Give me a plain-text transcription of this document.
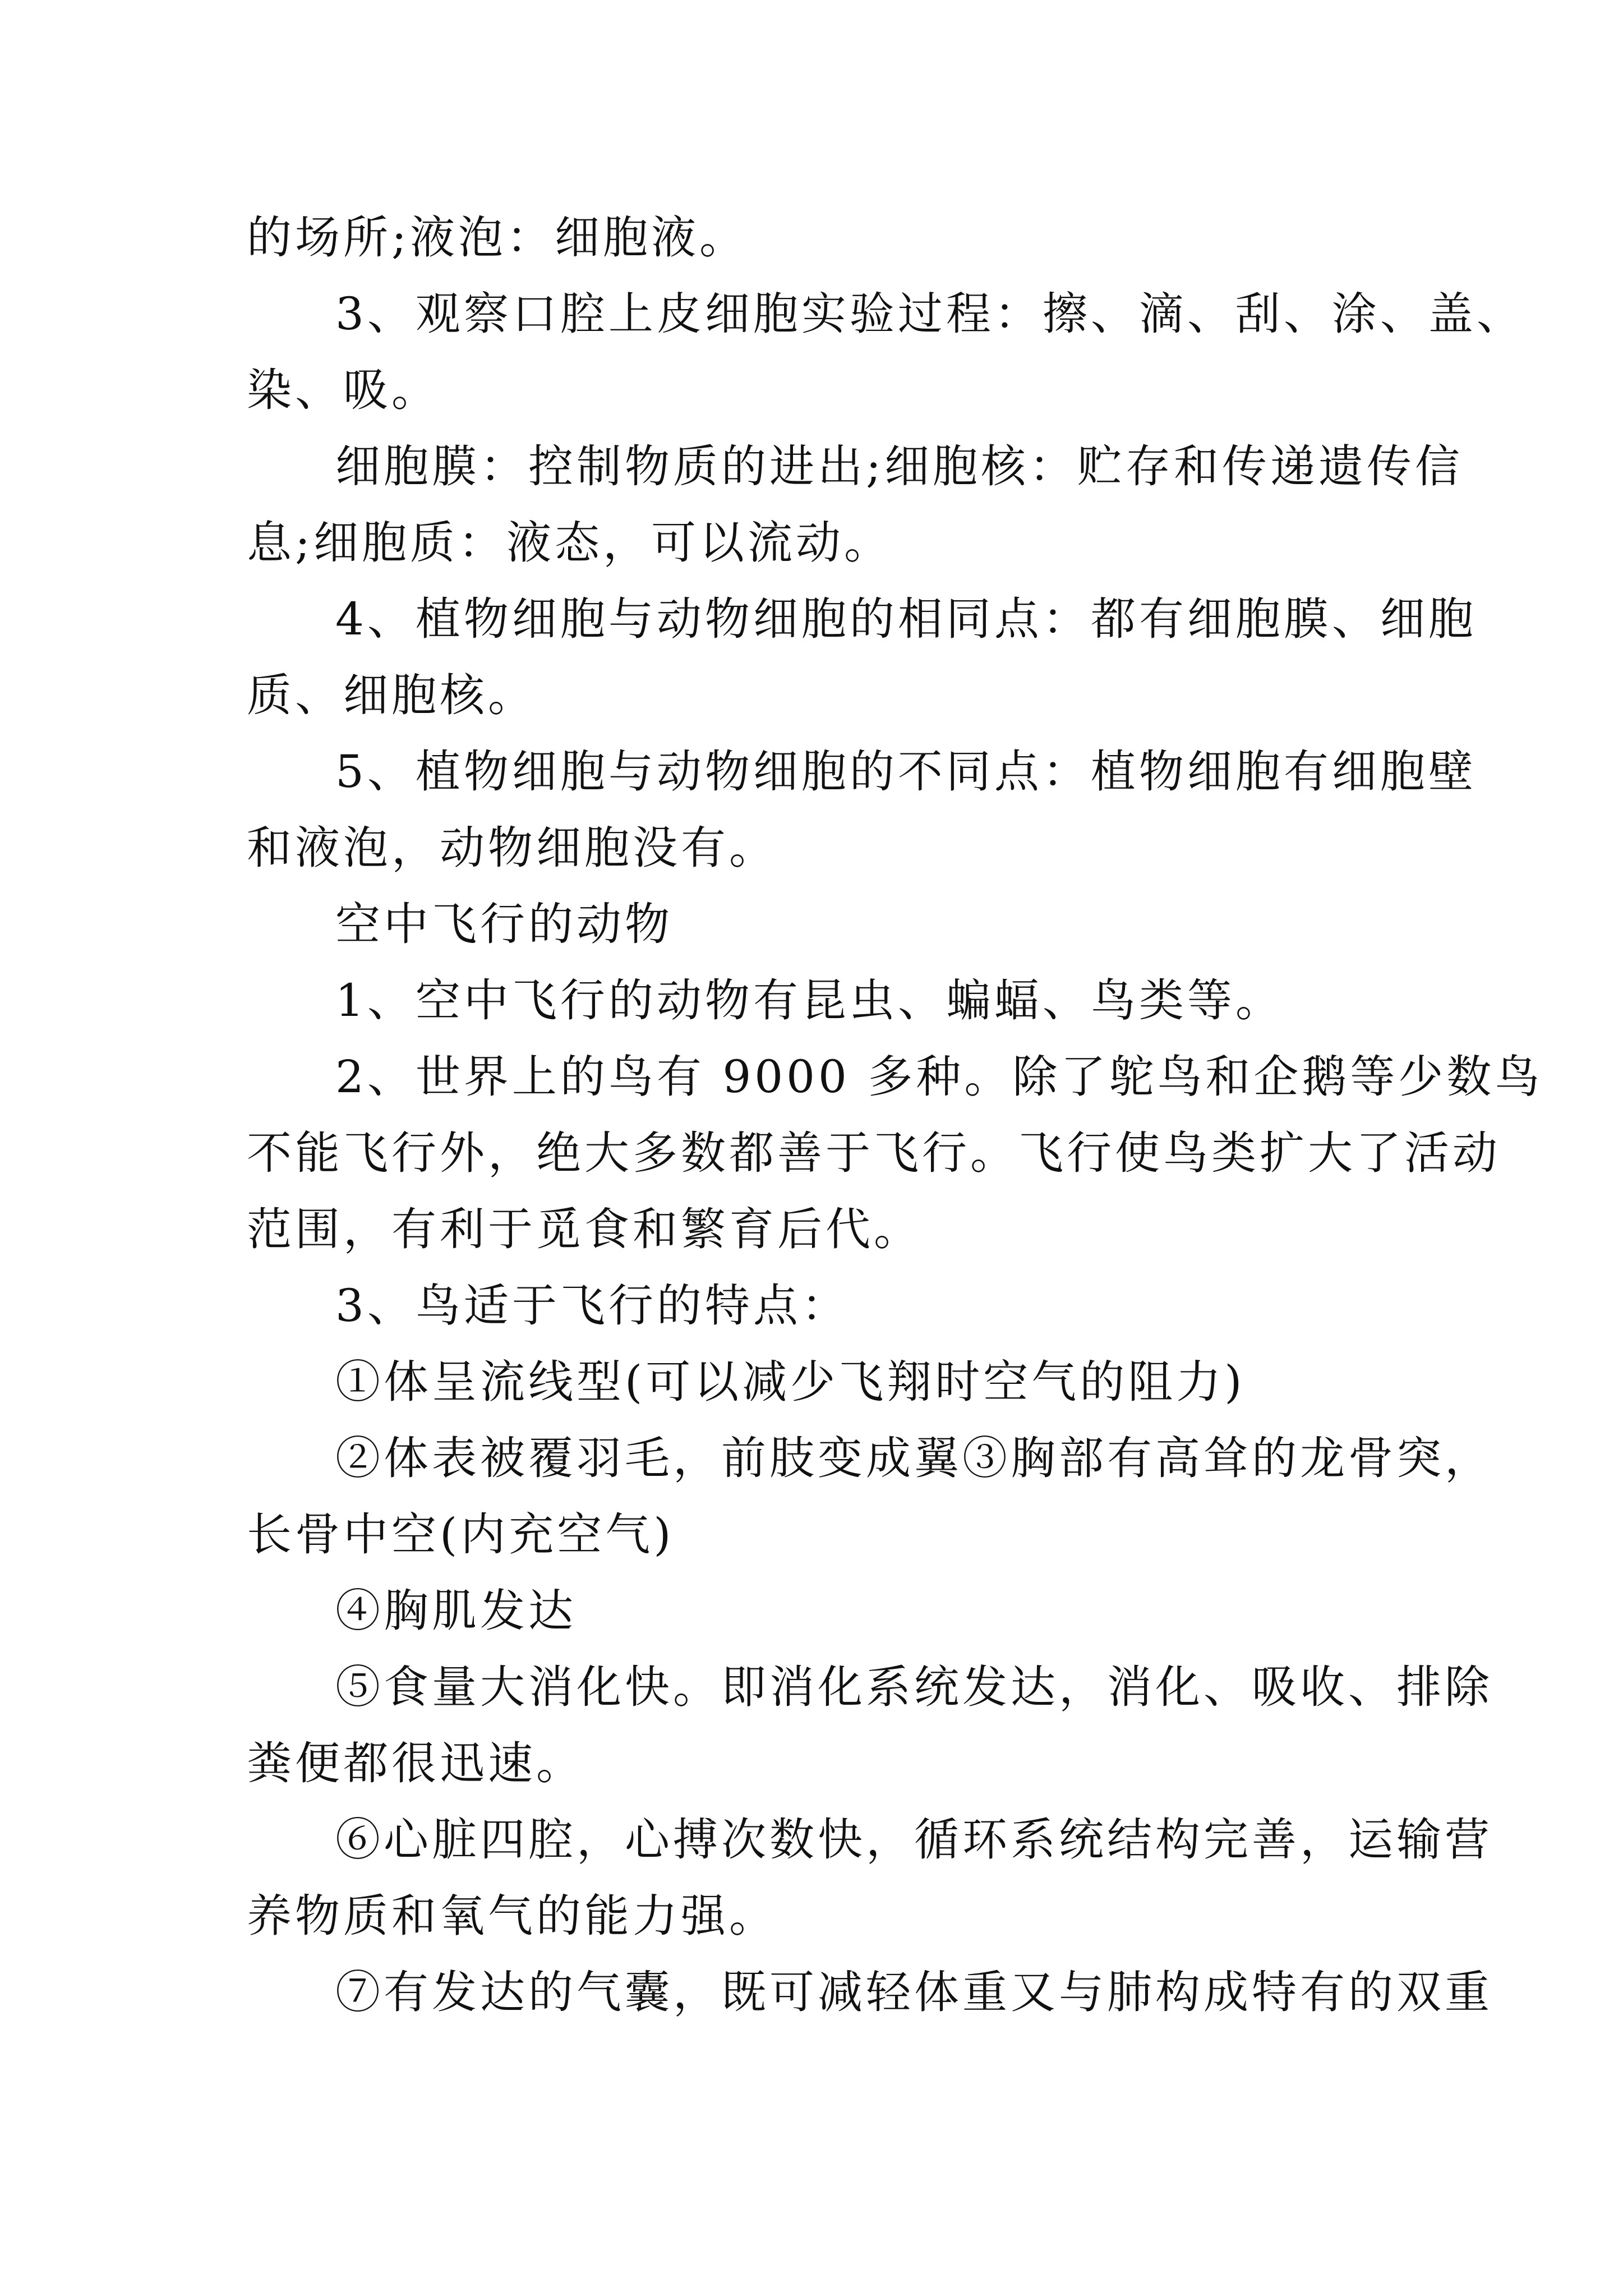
的场所;液泡：细胞液。
3、观察口腔上皮细胞实验过程：擦、滴、刮、涂、盖、
染、吸。
细胞膜：控制物质的进出;细胞核：贮存和传递遗传信
息;细胞质：液态，可以流动。
4、植物细胞与动物细胞的相同点：都有细胞膜、细胞
质、细胞核。
5、植物细胞与动物细胞的不同点：植物细胞有细胞壁
和液泡，动物细胞没有。
空中飞行的动物
1、空中飞行的动物有昆虫、蝙蝠、鸟类等。
2、世界上的鸟有 9000 多种。除了鸵鸟和企鹅等少数鸟
不能飞行外，绝大多数都善于飞行。飞行使鸟类扩大了活动
范围，有利于觅食和繁育后代。
3、鸟适于飞行的特点：
①体呈流线型(可以减少飞翔时空气的阻力)
②体表被覆羽毛，前肢变成翼③胸部有高耸的龙骨突，
长骨中空(内充空气)
④胸肌发达
⑤食量大消化快。即消化系统发达，消化、吸收、排除
粪便都很迅速。
⑥心脏四腔，心搏次数快，循环系统结构完善，运输营
养物质和氧气的能力强。
⑦有发达的气囊，既可减轻体重又与肺构成特有的双重
